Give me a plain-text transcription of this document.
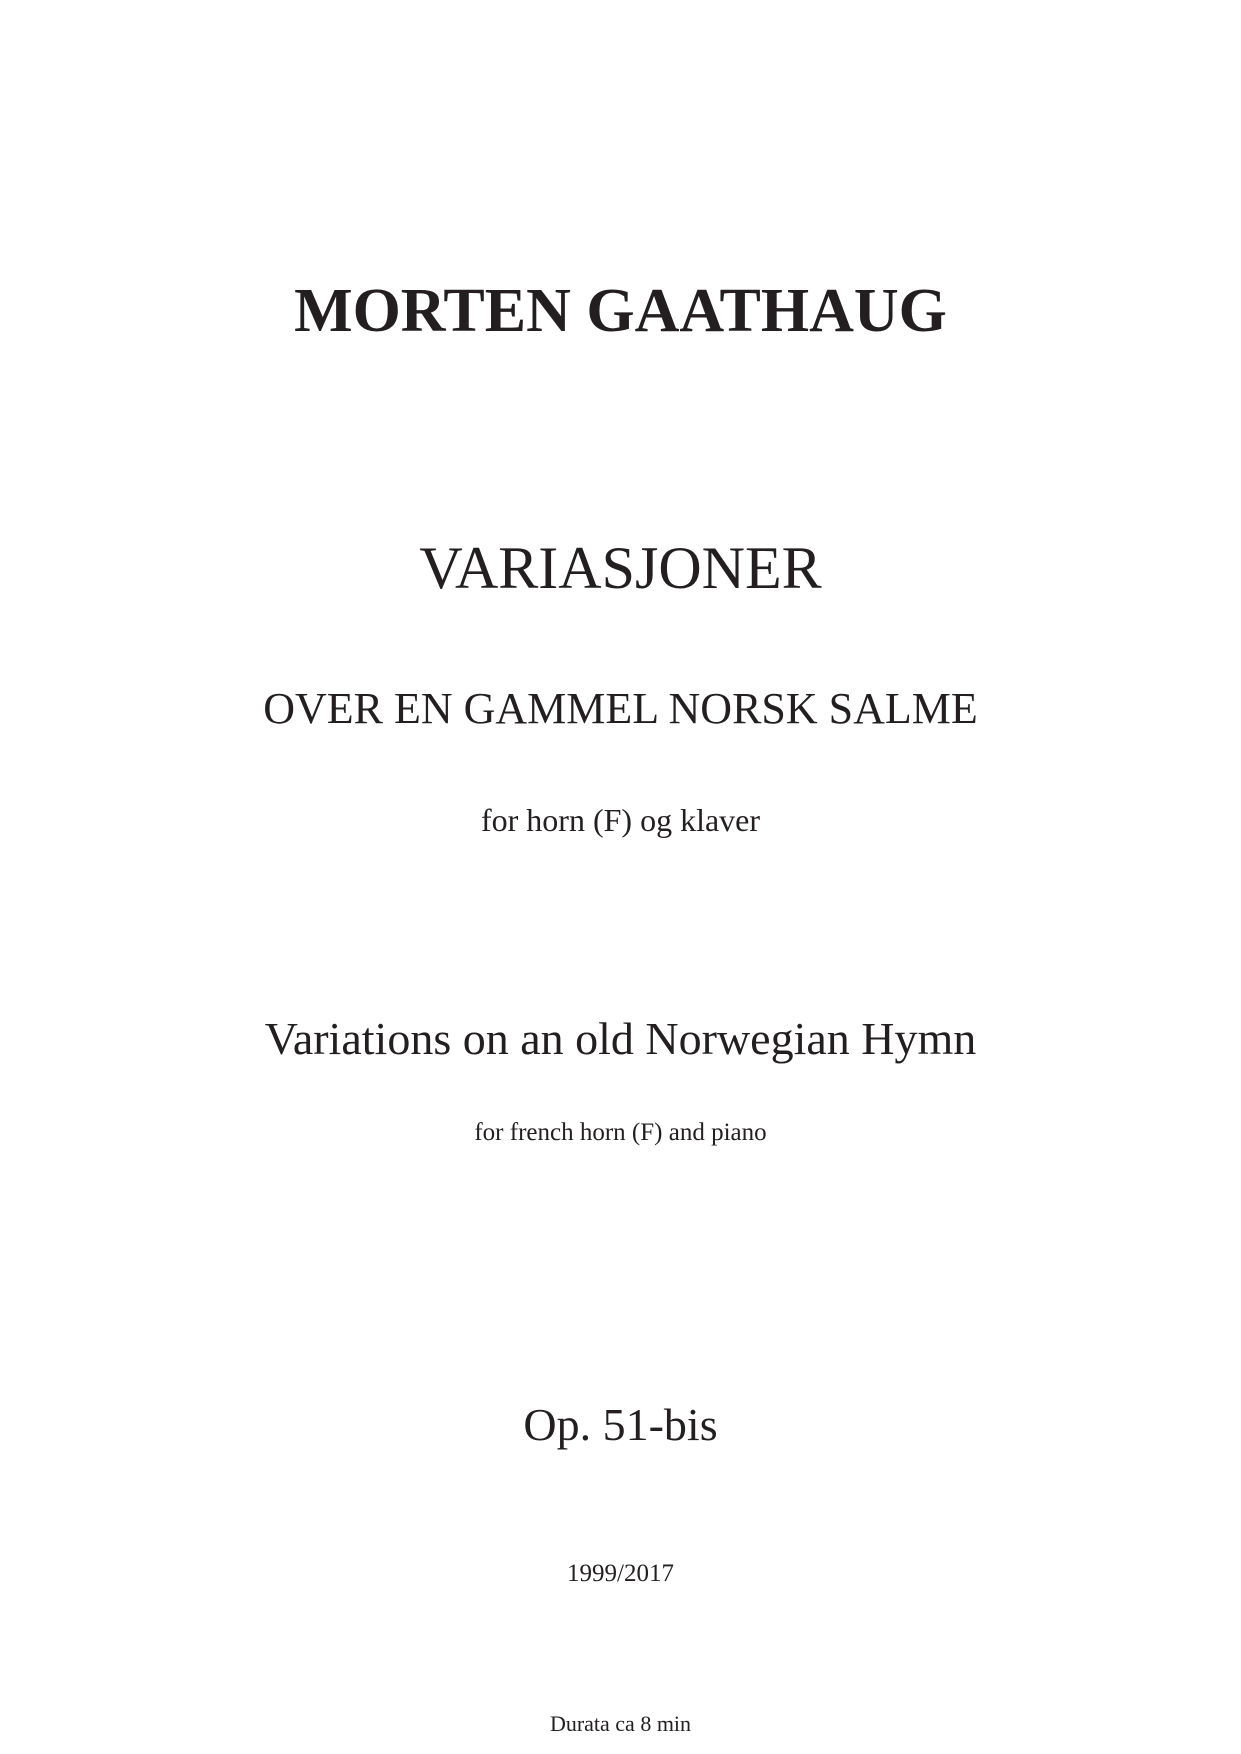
MORTEN GAATHAUG
VARIASJONER
OVER EN GAMMEL NORSK SALME
for horn (F) og klaver
Variations on an old Norwegian Hymn
for french horn (F) and piano
Op. 51-bis
1999/2017
Durata ca 8 min
